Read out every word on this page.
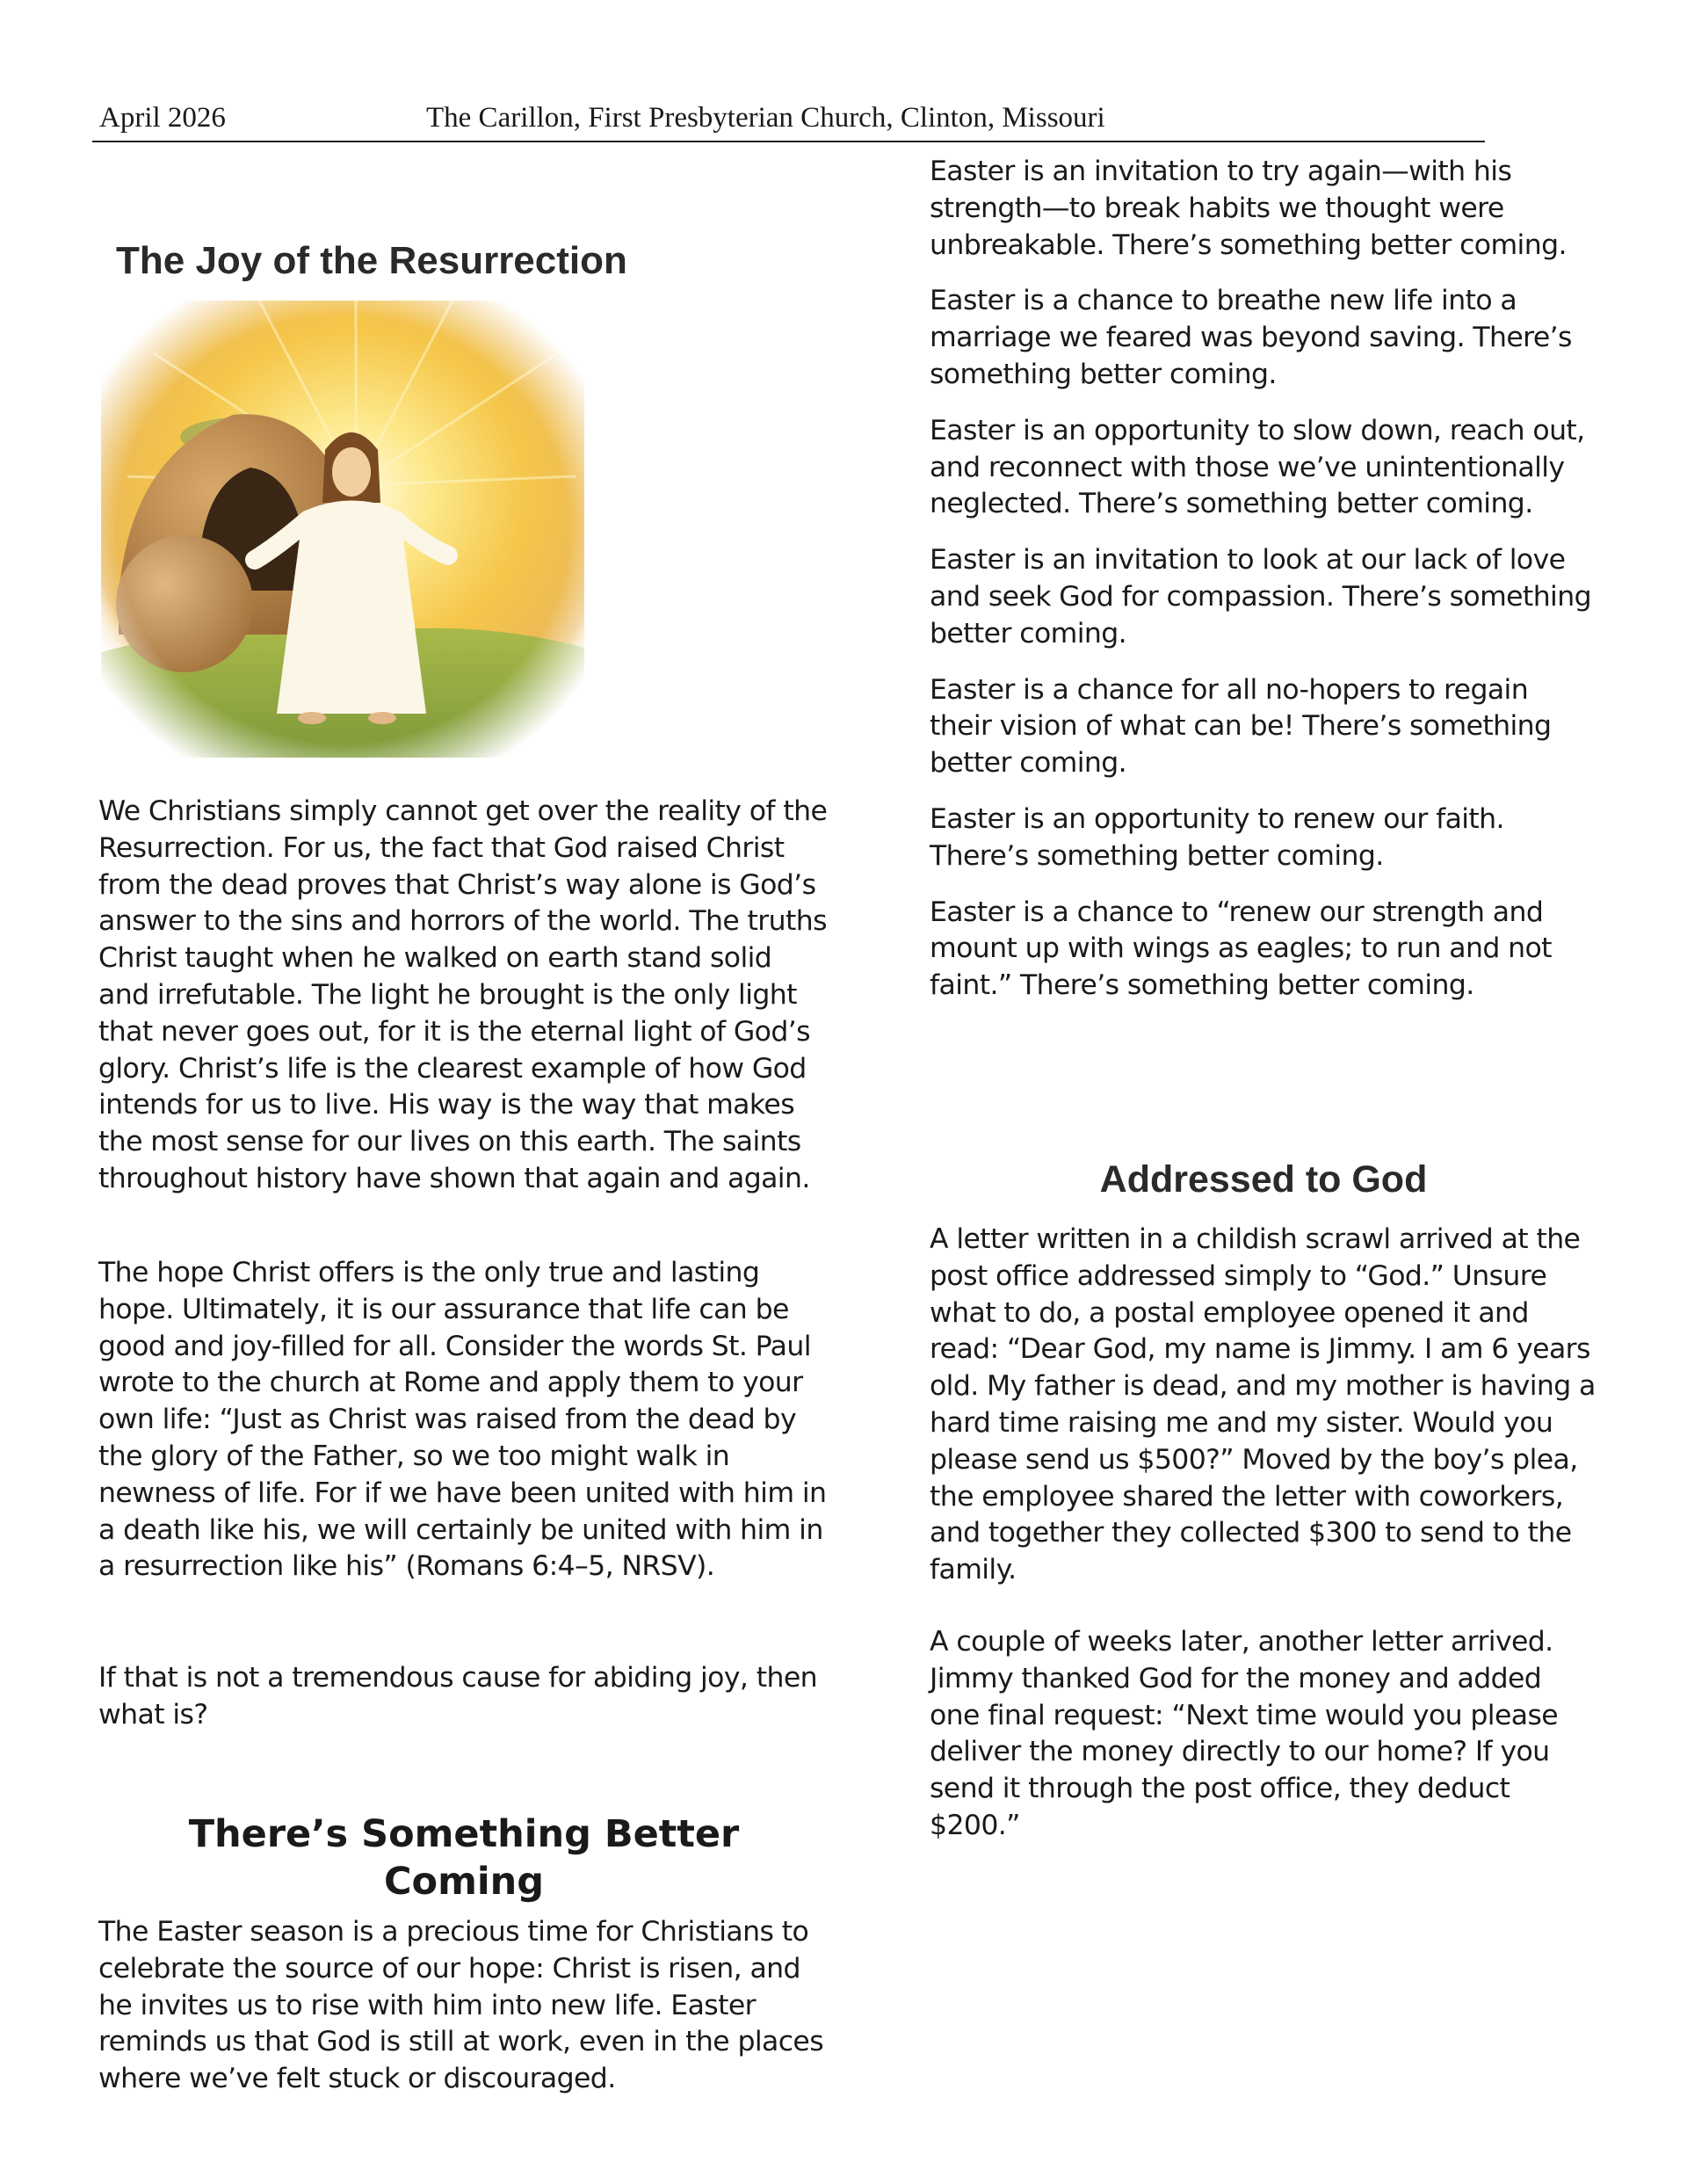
April 2026	The Carillon, First Presbyterian Church, Clinton, Missouri
The Joy of the Resurrection

We Christians simply cannot get over the reality of the Resurrection. For us, the fact that God raised Christ from the dead proves that Christ’s way alone is God’s answer to the sins and horrors of the world. The truths Christ taught when he walked on earth stand solid and irrefutable. The light he brought is the only light that never goes out, for it is the eternal light of God’s glory. Christ’s life is the clearest example of how God intends for us to live. His way is the way that makes the most sense for our lives on this earth. The saints throughout history have shown that again and again.

The hope Christ offers is the only true and lasting hope. Ultimately, it is our assurance that life can be good and joy-filled for all. Consider the words St. Paul wrote to the church at Rome and apply them to your own life: “Just as Christ was raised from the dead by the glory of the Father, so we too might walk in newness of life. For if we have been united with him in a death like his, we will certainly be united with him in a resurrection like his” (Romans 6:4–5, NRSV).

If that is not a tremendous cause for abiding joy, then what is?

There’s Something Better
Coming

The Easter season is a precious time for Christians to celebrate the source of our hope: Christ is risen, and he invites us to rise with him into new life. Easter reminds us that God is still at work, even in the places where we’ve felt stuck or discouraged.

Easter is an invitation to try again—with his strength—to break habits we thought were unbreakable. There’s something better coming.

Easter is a chance to breathe new life into a marriage we feared was beyond saving. There’s something better coming.

Easter is an opportunity to slow down, reach out, and reconnect with those we’ve unintentionally neglected. There’s something better coming.

Easter is an invitation to look at our lack of love and seek God for compassion. There’s something better coming.

Easter is a chance for all no-hopers to regain their vision of what can be! There’s something better coming.

Easter is an opportunity to renew our faith. There’s something better coming.

Easter is a chance to “renew our strength and mount up with wings as eagles; to run and not faint.” There’s something better coming.

Addressed to God

A letter written in a childish scrawl arrived at the post office addressed simply to “God.” Unsure what to do, a postal employee opened it and read: “Dear God, my name is Jimmy. I am 6 years old. My father is dead, and my mother is having a hard time raising me and my sister. Would you please send us $500?” Moved by the boy’s plea, the employee shared the letter with coworkers, and together they collected $300 to send to the family.

A couple of weeks later, another letter arrived. Jimmy thanked God for the money and added one final request: “Next time would you please deliver the money directly to our home? If you send it through the post office, they deduct $200.”
